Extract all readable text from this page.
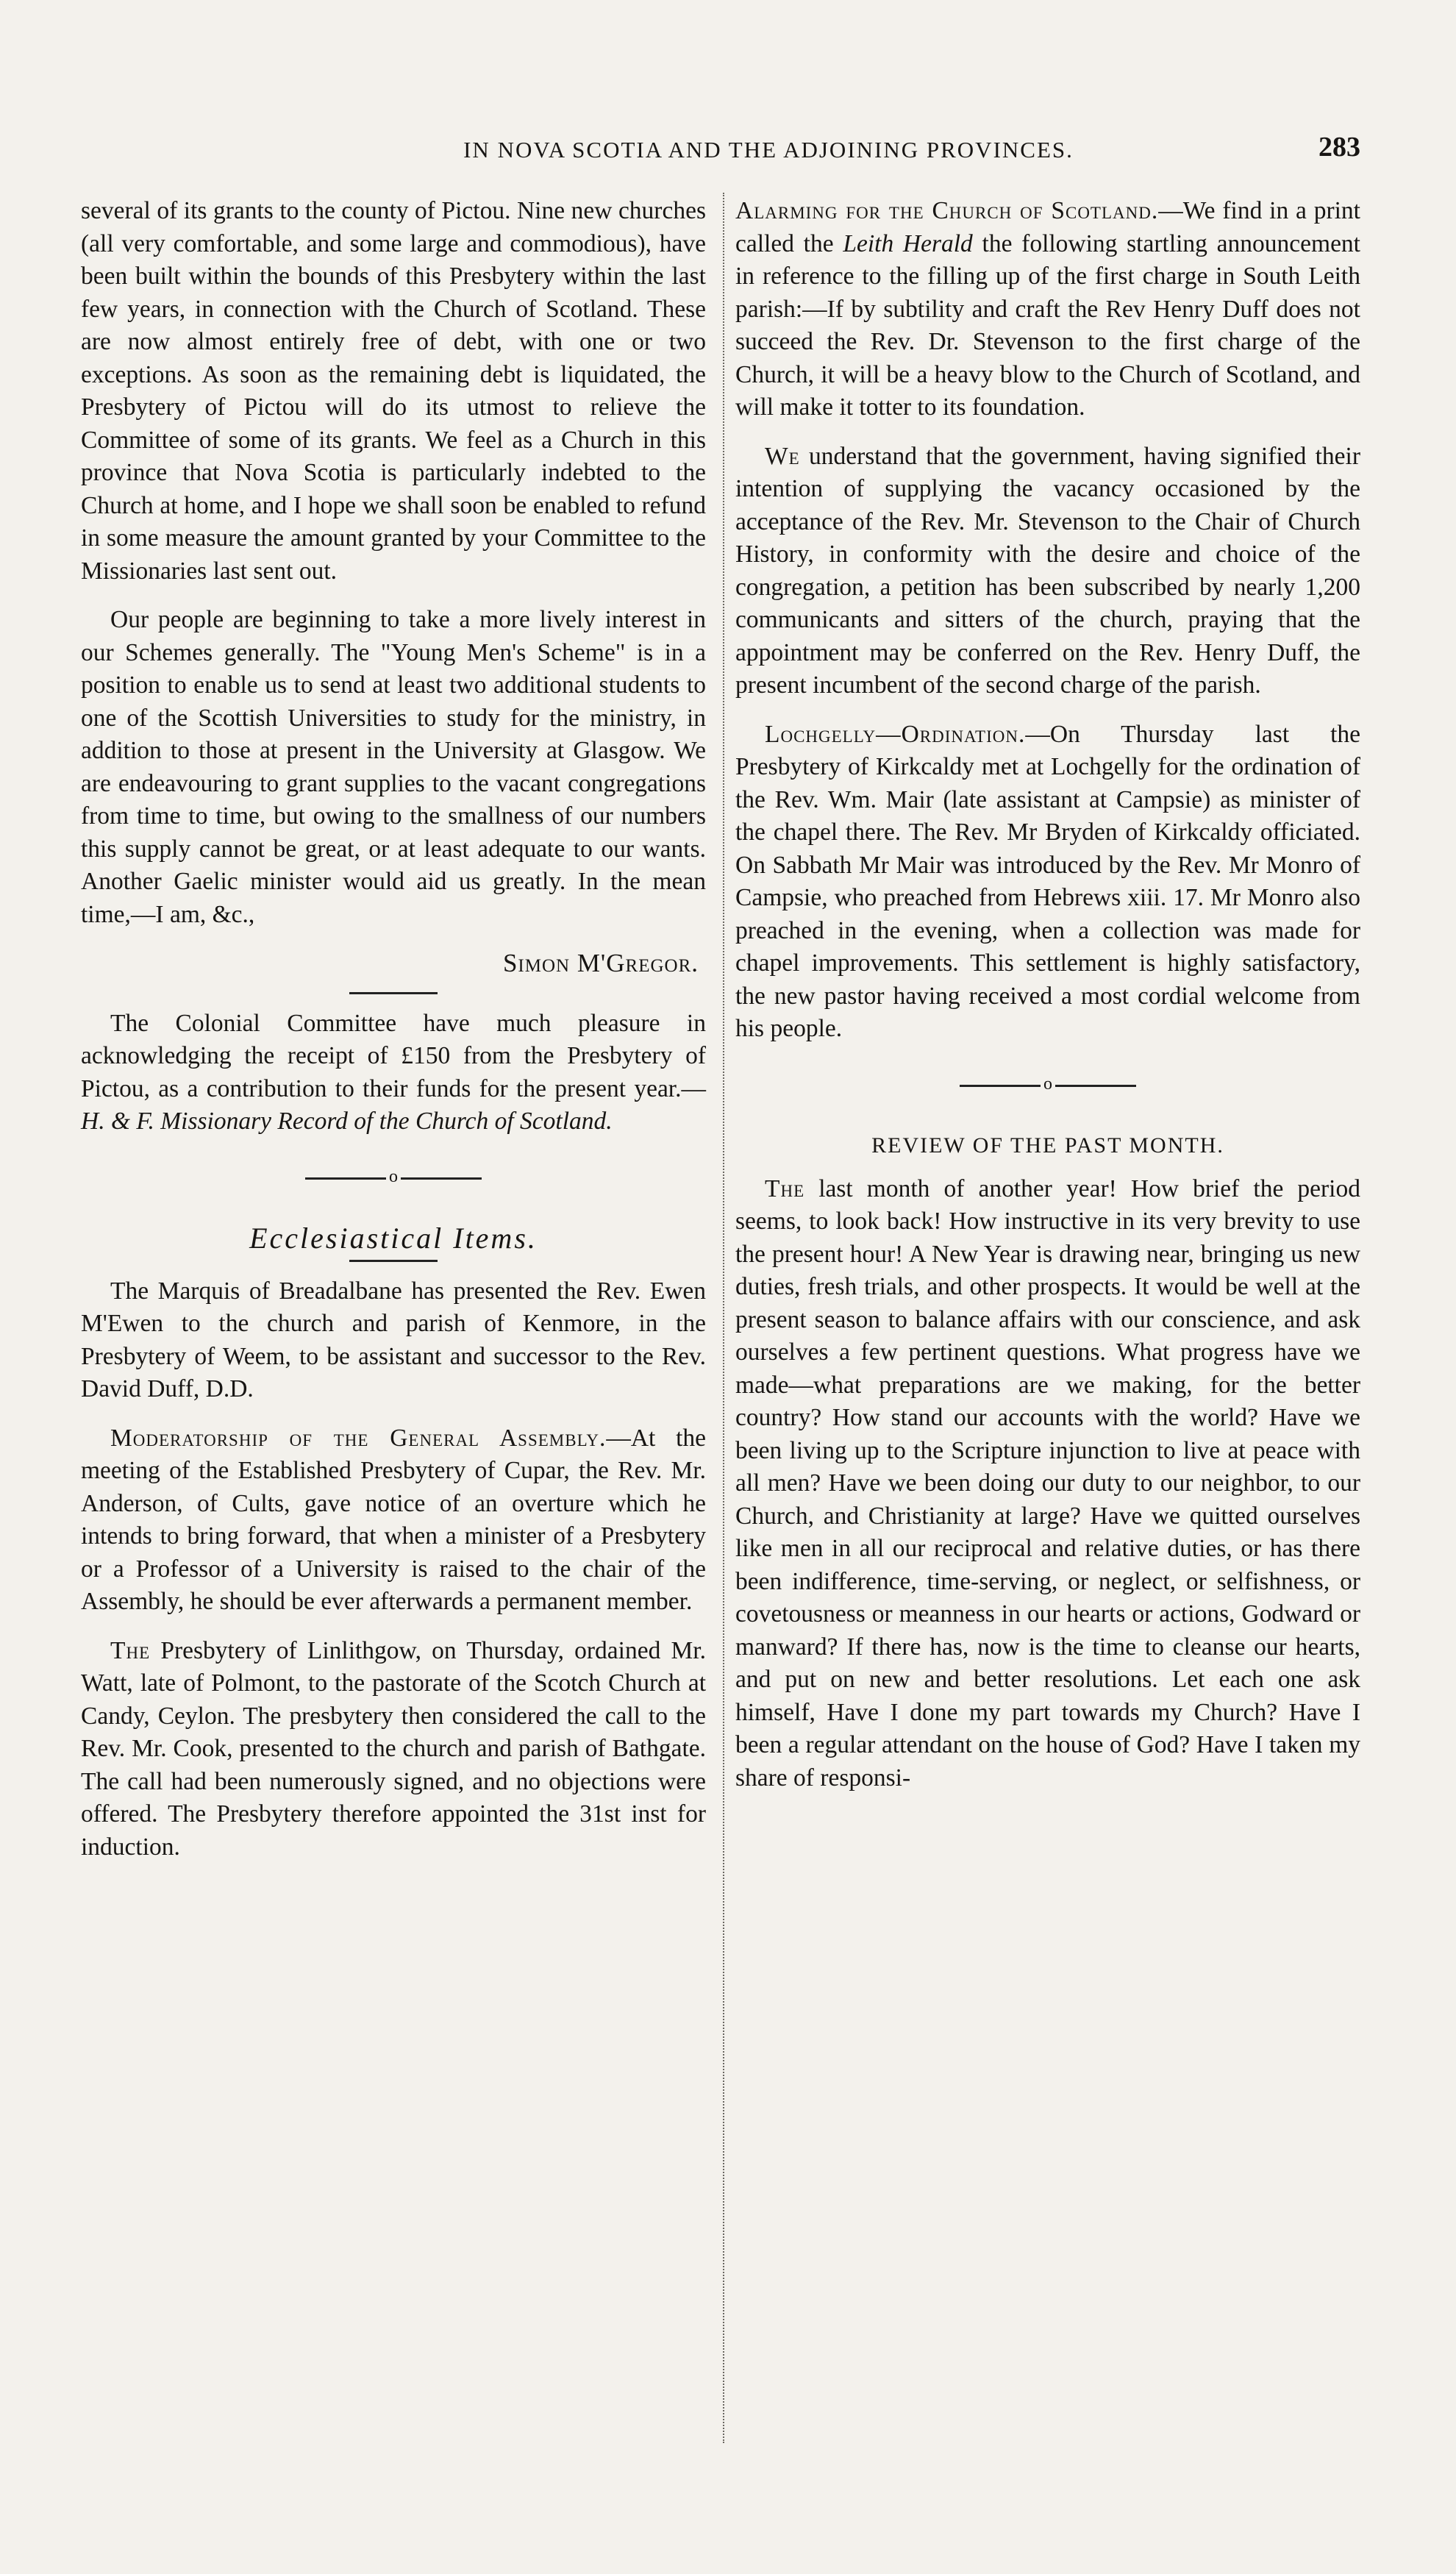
IN NOVA SCOTIA AND THE ADJOINING PROVINCES.	283

several of its grants to the county of Pictou. Nine new churches (all very comfortable, and some large and commodious), have been built within the bounds of this Presbytery within the last few years, in connection with the Church of Scotland. These are now almost entirely free of debt, with one or two exceptions. As soon as the remaining debt is liquidated, the Presbytery of Pictou will do its utmost to relieve the Committee of some of its grants. We feel as a Church in this province that Nova Scotia is particularly indebted to the Church at home, and I hope we shall soon be enabled to refund in some measure the amount granted by your Committee to the Missionaries last sent out.

Our people are beginning to take a more lively interest in our Schemes generally. The "Young Men's Scheme" is in a position to enable us to send at least two additional students to one of the Scottish Universities to study for the ministry, in addition to those at present in the University at Glasgow. We are endeavouring to grant supplies to the vacant congregations from time to time, but owing to the smallness of our numbers this supply cannot be great, or at least adequate to our wants. Another Gaelic minister would aid us greatly. In the mean time,—I am, &c.,

Simon M'Gregor.

The Colonial Committee have much pleasure in acknowledging the receipt of £150 from the Presbytery of Pictou, as a contribution to their funds for the present year.—H. & F. Missionary Record of the Church of Scotland.

o
Ecclesiastical Items.

The Marquis of Breadalbane has presented the Rev. Ewen M'Ewen to the church and parish of Kenmore, in the Presbytery of Weem, to be assistant and successor to the Rev. David Duff, D.D.

Moderatorship of the General Assembly.—At the meeting of the Established Presbytery of Cupar, the Rev. Mr. Anderson, of Cults, gave notice of an overture which he intends to bring forward, that when a minister of a Presbytery or a Professor of a University is raised to the chair of the Assembly, he should be ever afterwards a permanent member.

The Presbytery of Linlithgow, on Thursday, ordained Mr. Watt, late of Polmont, to the pastorate of the Scotch Church at Candy, Ceylon. The presbytery then considered the call to the Rev. Mr. Cook, presented to the church and parish of Bathgate. The call had been numerously signed, and no objections were offered. The Presbytery therefore appointed the 31st inst for induction.

Alarming for the Church of Scotland.—We find in a print called the Leith Herald the following startling announcement in reference to the filling up of the first charge in South Leith parish:—If by subtility and craft the Rev Henry Duff does not succeed the Rev. Dr. Stevenson to the first charge of the Church, it will be a heavy blow to the Church of Scotland, and will make it totter to its foundation.

We understand that the government, having signified their intention of supplying the vacancy occasioned by the acceptance of the Rev. Mr. Stevenson to the Chair of Church History, in conformity with the desire and choice of the congregation, a petition has been subscribed by nearly 1,200 communicants and sitters of the church, praying that the appointment may be conferred on the Rev. Henry Duff, the present incumbent of the second charge of the parish.

Lochgelly—Ordination.—On Thursday last the Presbytery of Kirkcaldy met at Lochgelly for the ordination of the Rev. Wm. Mair (late assistant at Campsie) as minister of the chapel there. The Rev. Mr Bryden of Kirkcaldy officiated. On Sabbath Mr Mair was introduced by the Rev. Mr Monro of Campsie, who preached from Hebrews xiii. 17. Mr Monro also preached in the evening, when a collection was made for chapel improvements. This settlement is highly satisfactory, the new pastor having received a most cordial welcome from his people.

o
REVIEW OF THE PAST MONTH.

The last month of another year! How brief the period seems, to look back! How instructive in its very brevity to use the present hour! A New Year is drawing near, bringing us new duties, fresh trials, and other prospects. It would be well at the present season to balance affairs with our conscience, and ask ourselves a few pertinent questions. What progress have we made—what preparations are we making, for the better country? How stand our accounts with the world? Have we been living up to the Scripture injunction to live at peace with all men? Have we been doing our duty to our neighbor, to our Church, and Christianity at large? Have we quitted ourselves like men in all our reciprocal and relative duties, or has there been indifference, time-serving, or neglect, or selfishness, or covetousness or meanness in our hearts or actions, Godward or manward? If there has, now is the time to cleanse our hearts, and put on new and better resolutions. Let each one ask himself, Have I done my part towards my Church? Have I been a regular attendant on the house of God? Have I taken my share of responsi-
